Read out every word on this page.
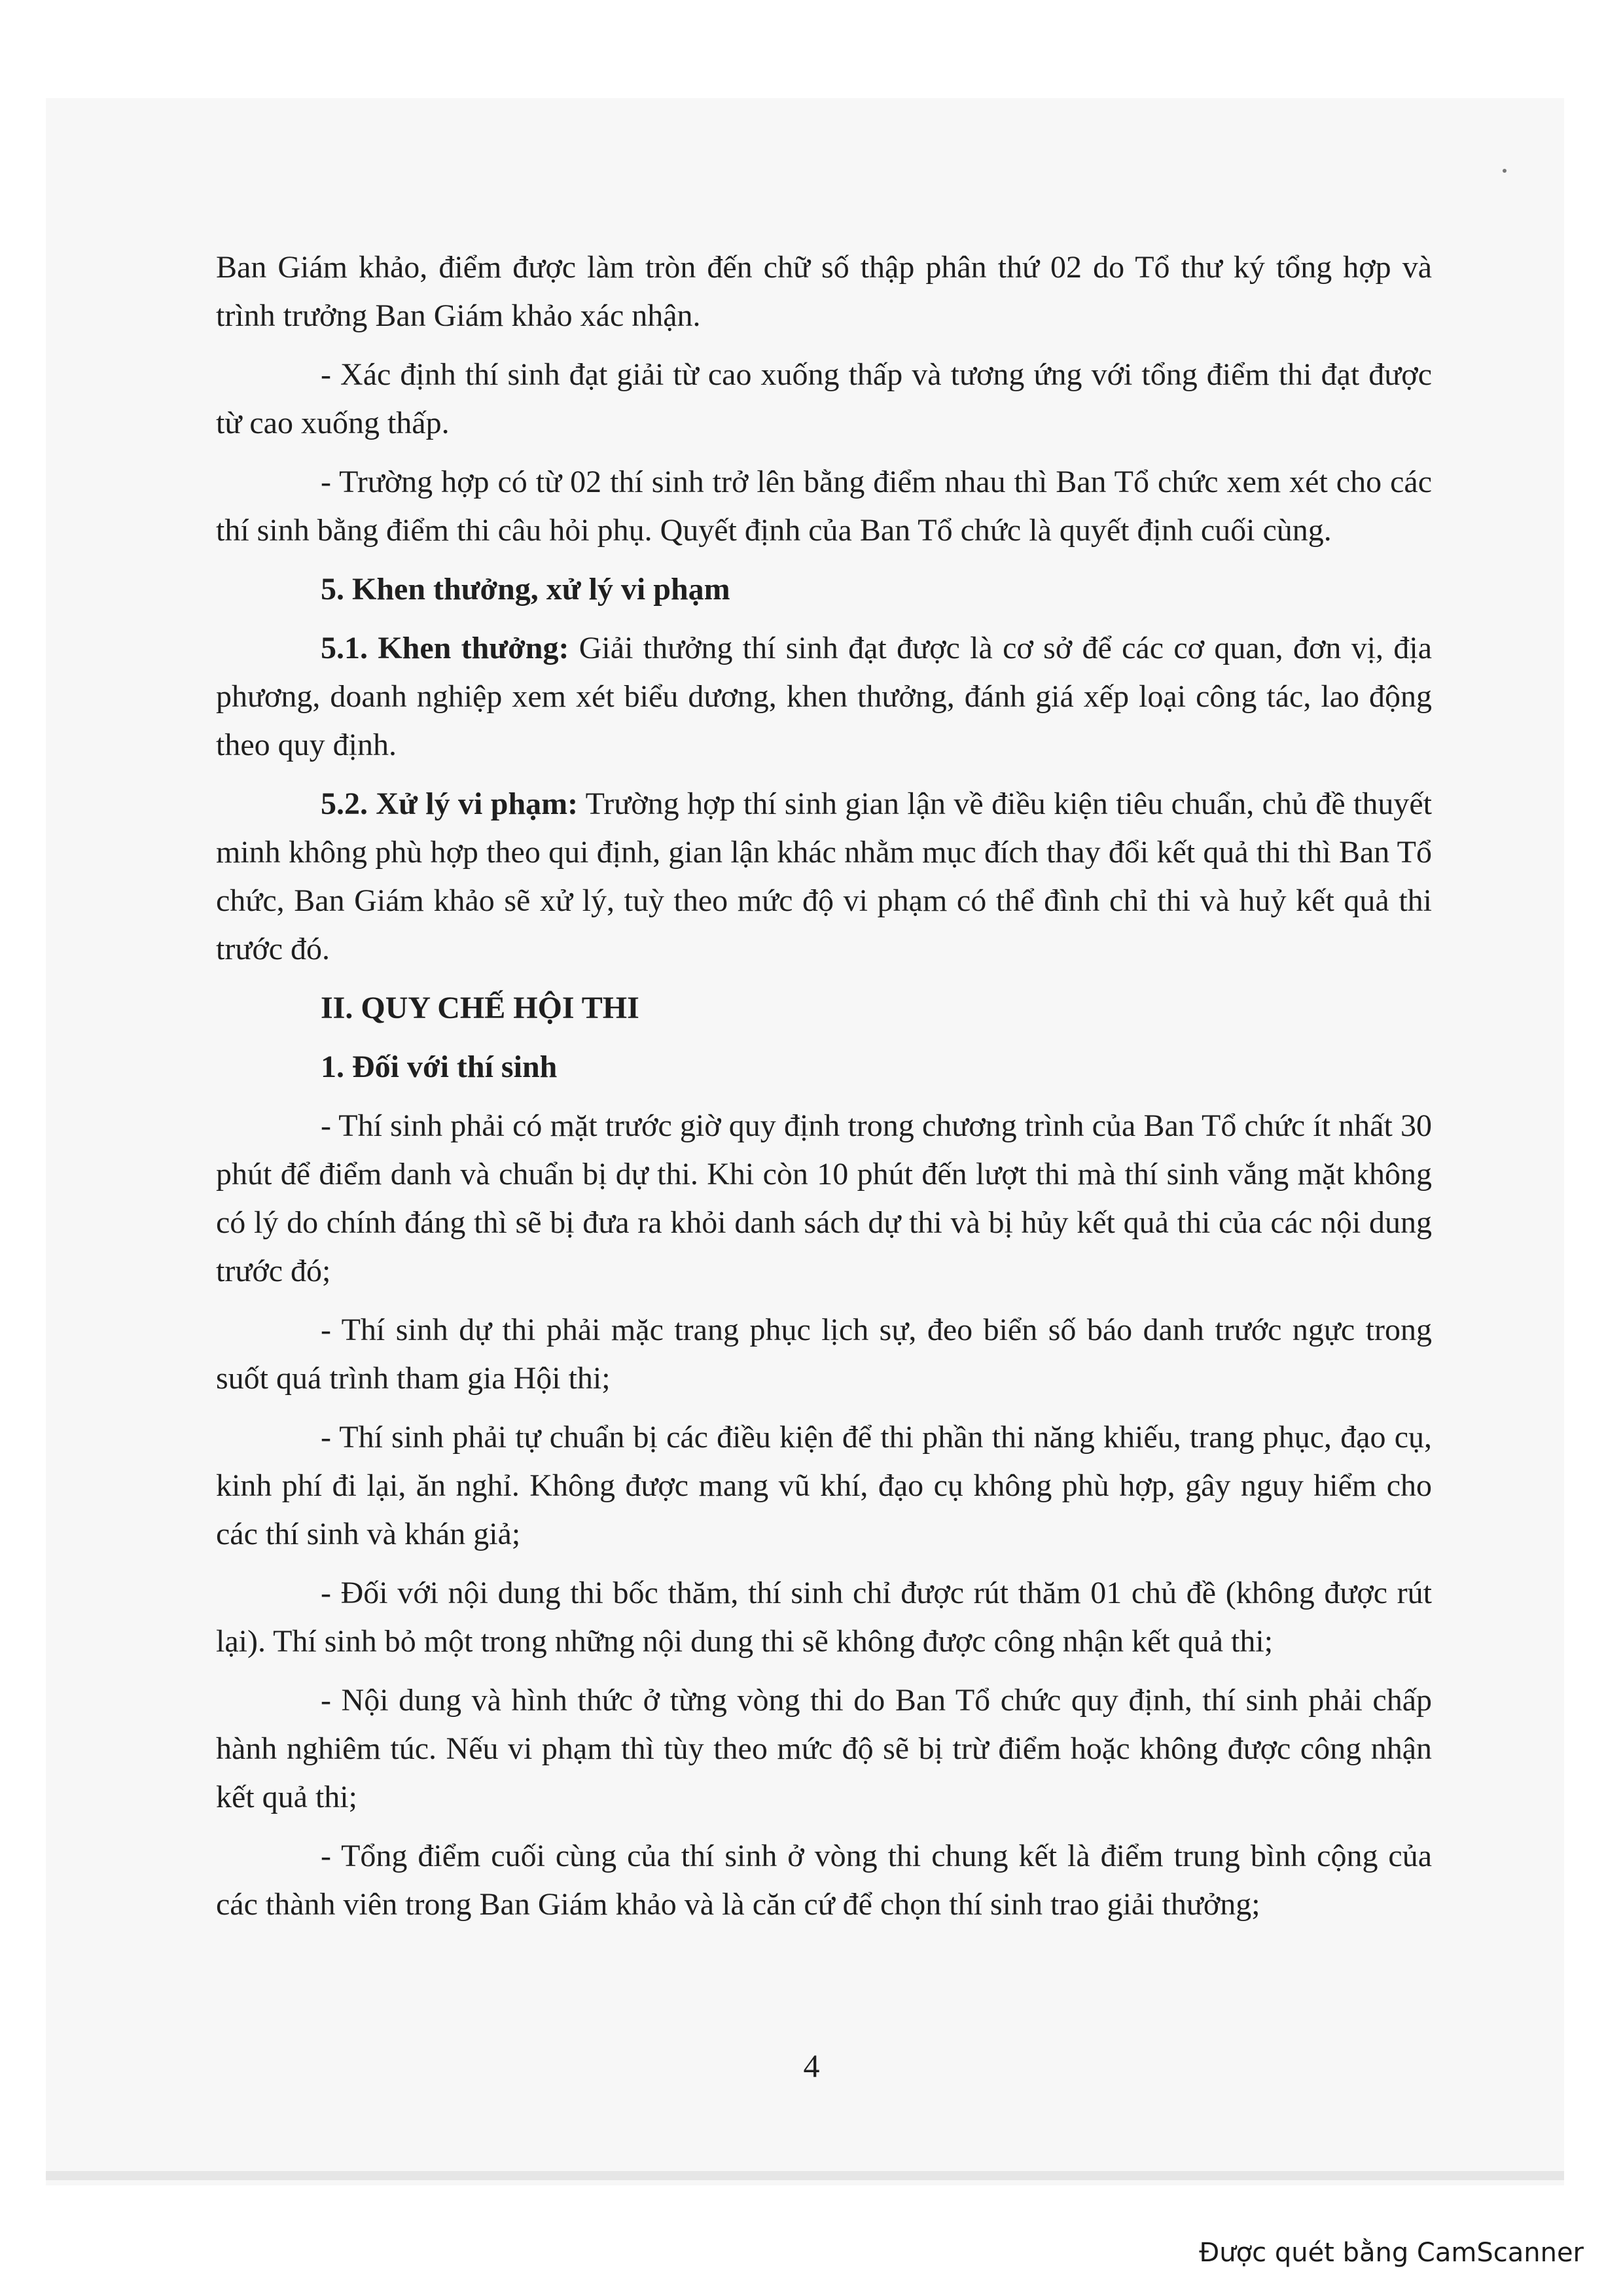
Ban Giám khảo, điểm được làm tròn đến chữ số thập phân thứ 02 do Tổ thư ký tổng hợp và trình trưởng Ban Giám khảo xác nhận.

- Xác định thí sinh đạt giải từ cao xuống thấp và tương ứng với tổng điểm thi đạt được từ cao xuống thấp.

- Trường hợp có từ 02 thí sinh trở lên bằng điểm nhau thì Ban Tổ chức xem xét cho các thí sinh bằng điểm thi câu hỏi phụ. Quyết định của Ban Tổ chức là quyết định cuối cùng.

5. Khen thưởng, xử lý vi phạm

5.1. Khen thưởng: Giải thưởng thí sinh đạt được là cơ sở để các cơ quan, đơn vị, địa phương, doanh nghiệp xem xét biểu dương, khen thưởng, đánh giá xếp loại công tác, lao động theo quy định.

5.2. Xử lý vi phạm: Trường hợp thí sinh gian lận về điều kiện tiêu chuẩn, chủ đề thuyết minh không phù hợp theo qui định, gian lận khác nhằm mục đích thay đổi kết quả thi thì Ban Tổ chức, Ban Giám khảo sẽ xử lý, tuỳ theo mức độ vi phạm có thể đình chỉ thi và huỷ kết quả thi trước đó.

II. QUY CHẾ HỘI THI

1. Đối với thí sinh

- Thí sinh phải có mặt trước giờ quy định trong chương trình của Ban Tổ chức ít nhất 30 phút để điểm danh và chuẩn bị dự thi. Khi còn 10 phút đến lượt thi mà thí sinh vắng mặt không có lý do chính đáng thì sẽ bị đưa ra khỏi danh sách dự thi và bị hủy kết quả thi của các nội dung trước đó;

- Thí sinh dự thi phải mặc trang phục lịch sự, đeo biển số báo danh trước ngực trong suốt quá trình tham gia Hội thi;

- Thí sinh phải tự chuẩn bị các điều kiện để thi phần thi năng khiếu, trang phục, đạo cụ, kinh phí đi lại, ăn nghỉ. Không được mang vũ khí, đạo cụ không phù hợp, gây nguy hiểm cho các thí sinh và khán giả;

- Đối với nội dung thi bốc thăm, thí sinh chỉ được rút thăm 01 chủ đề (không được rút lại). Thí sinh bỏ một trong những nội dung thi sẽ không được công nhận kết quả thi;

- Nội dung và hình thức ở từng vòng thi do Ban Tổ chức quy định, thí sinh phải chấp hành nghiêm túc. Nếu vi phạm thì tùy theo mức độ sẽ bị trừ điểm hoặc không được công nhận kết quả thi;

- Tổng điểm cuối cùng của thí sinh ở vòng thi chung kết là điểm trung bình cộng của các thành viên trong Ban Giám khảo và là căn cứ để chọn thí sinh trao giải thưởng;

4
Được quét bằng CamScanner
